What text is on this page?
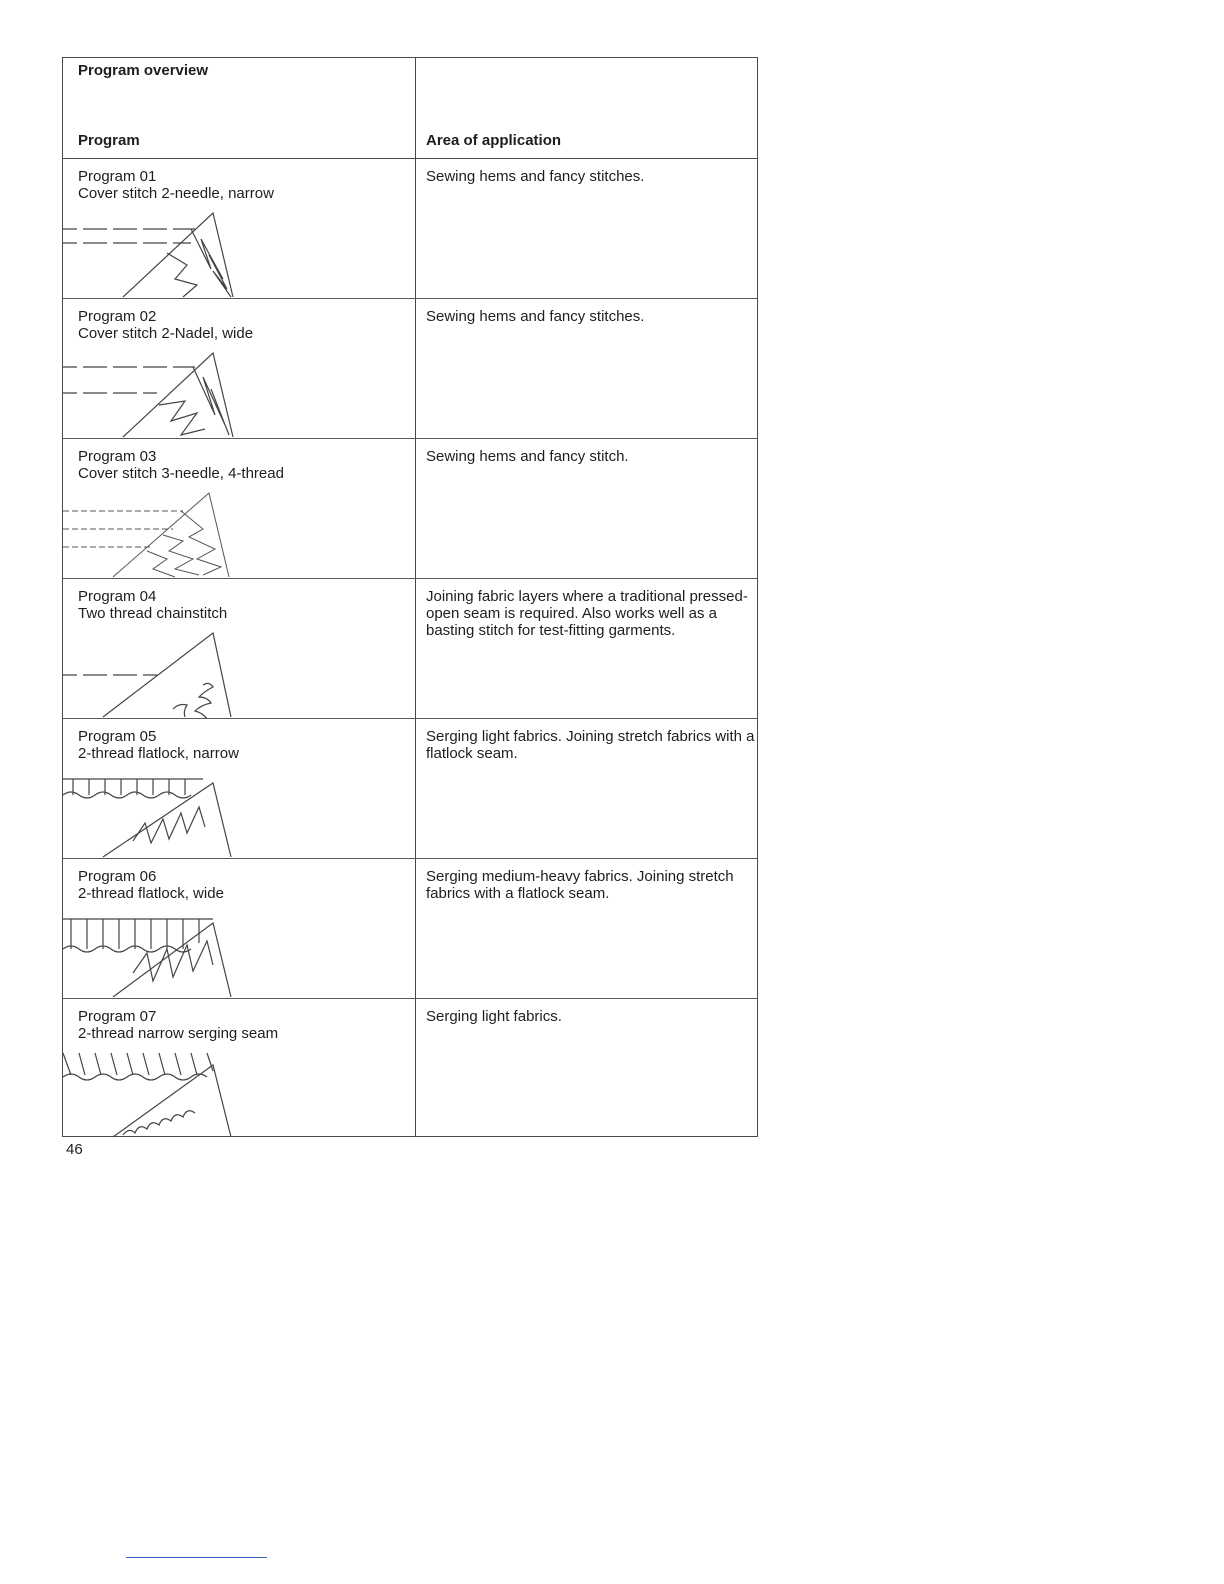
Program overview
Program	Area of application
Program 01
Cover stitch 2-needle, narrow
Sewing hems and fancy stitches.
Program 02
Cover stitch 2-Nadel, wide
Sewing hems and fancy stitches.
Program 03
Cover stitch 3-needle, 4-thread
Sewing hems and fancy stitch.
Program 04
Two thread chainstitch
Joining fabric layers where a traditional pressed-open seam is required. Also works well as a basting stitch for test-fitting garments.
Program 05
2-thread flatlock, narrow
Serging light fabrics. Joining stretch fabrics with a flatlock seam.
Program 06
2-thread flatlock, wide
Serging medium-heavy fabrics. Joining stretch fabrics with a flatlock seam.
Program 07
2-thread narrow serging seam
Serging light fabrics.
46
